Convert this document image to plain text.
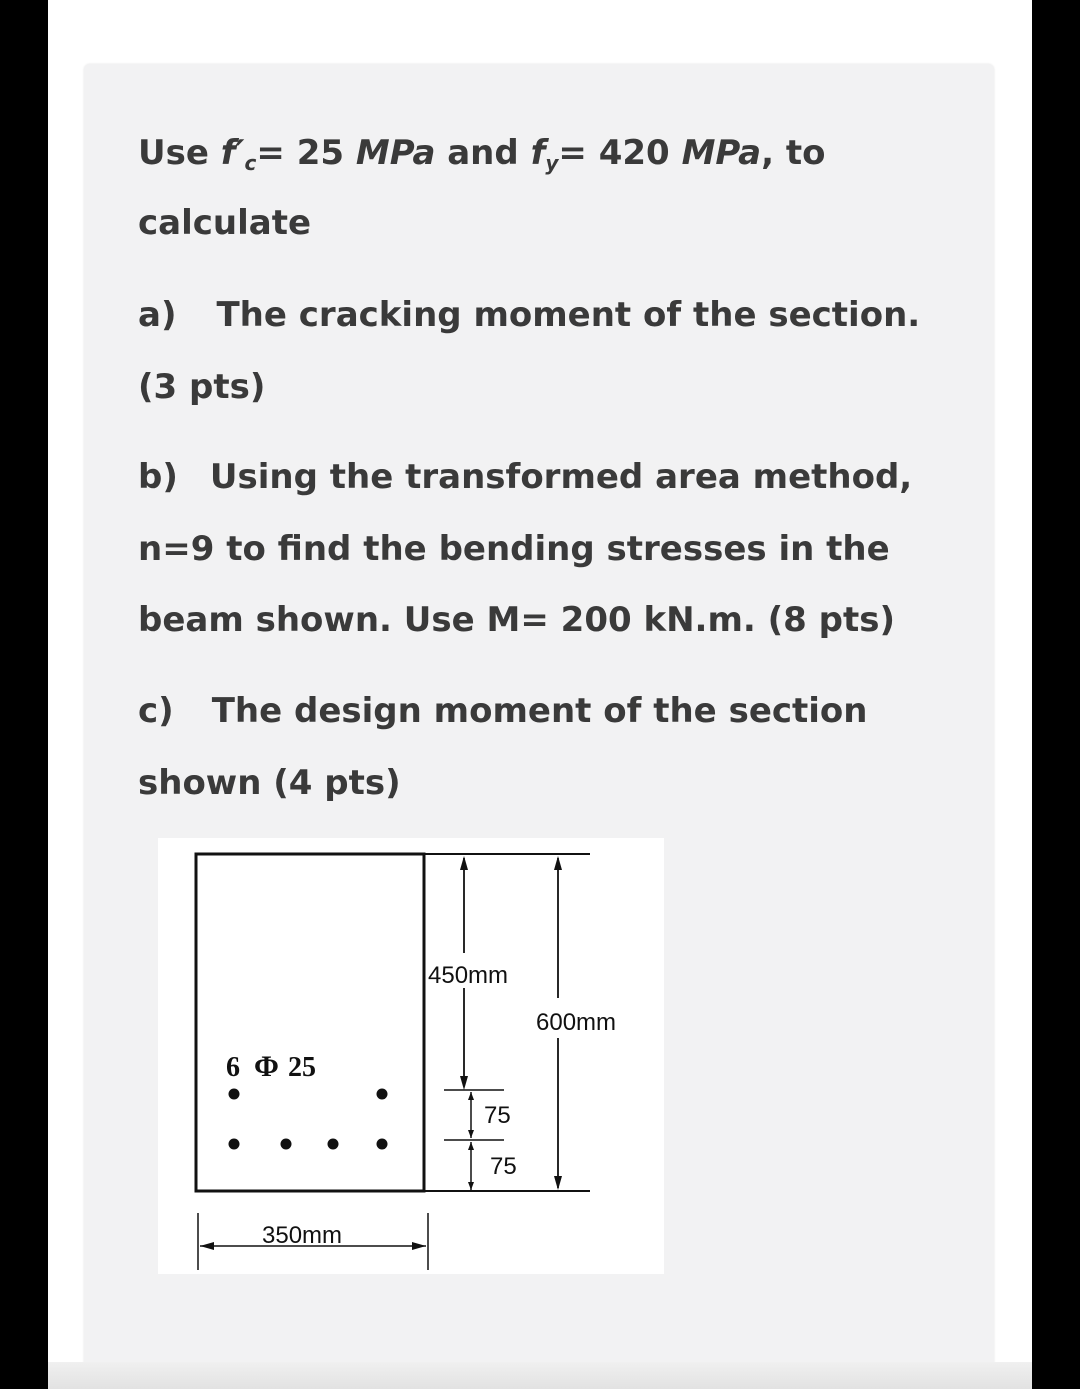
Use f′c= 25 MPa and fy= 420 MPa, to
calculate
a) The cracking moment of the section.
(3 pts)
b) Using the transformed area method,
n=9 to find the bending stresses in the
beam shown. Use M= 200 kN.m. (8 pts)
c) The design moment of the section
shown (4 pts)
450mm
75
75
600mm
6 Φ 25
350mm
